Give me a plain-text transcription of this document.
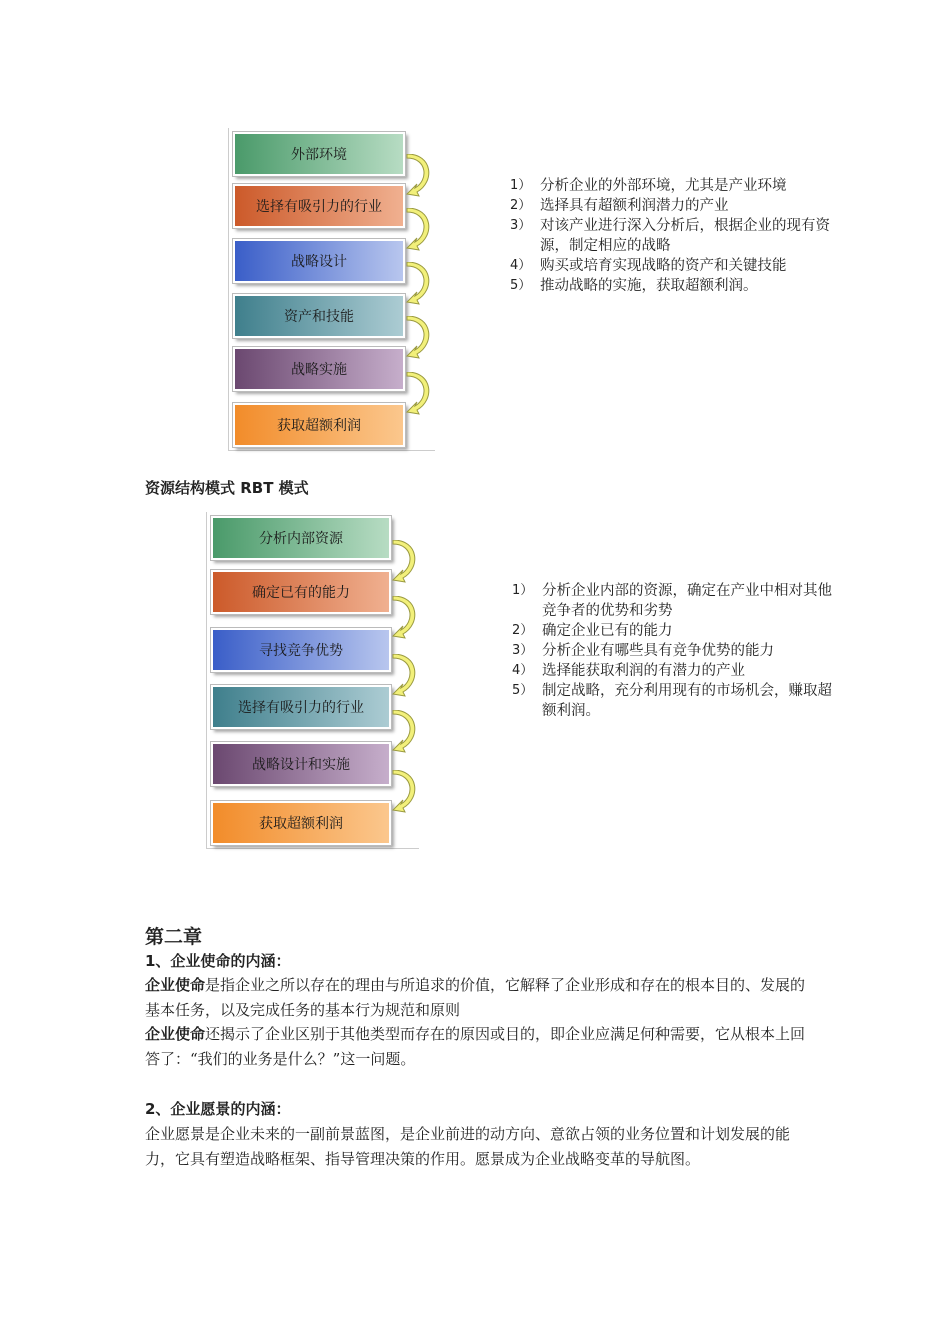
外部环境
选择有吸引力的行业
战略设计
资产和技能
战略实施
获取超额利润
1） 分析企业的外部环境，尤其是产业环境
2） 选择具有超额利润潜力的产业
3） 对该产业进行深入分析后，根据企业的现有资源，制定相应的战略
4） 购买或培育实现战略的资产和关键技能
5） 推动战略的实施，获取超额利润。
资源结构模式 RBT 模式
分析内部资源
确定已有的能力
寻找竞争优势
选择有吸引力的行业
战略设计和实施
获取超额利润
1） 分析企业内部的资源，确定在产业中相对其他竞争者的优势和劣势
2） 确定企业已有的能力
3） 分析企业有哪些具有竞争优势的能力
4） 选择能获取利润的有潜力的产业
5） 制定战略，充分利用现有的市场机会，赚取超额利润。
第二章
1、企业使命的内涵：
企业使命是指企业之所以存在的理由与所追求的价值，它解释了企业形成和存在的根本目的、发展的基本任务，以及完成任务的基本行为规范和原则
企业使命还揭示了企业区别于其他类型而存在的原因或目的，即企业应满足何种需要，它从根本上回答了：“我们的业务是什么？”这一问题。
2、企业愿景的内涵：
企业愿景是企业未来的一副前景蓝图，是企业前进的动方向、意欲占领的业务位置和计划发展的能力，它具有塑造战略框架、指导管理决策的作用。愿景成为企业战略变革的导航图。
